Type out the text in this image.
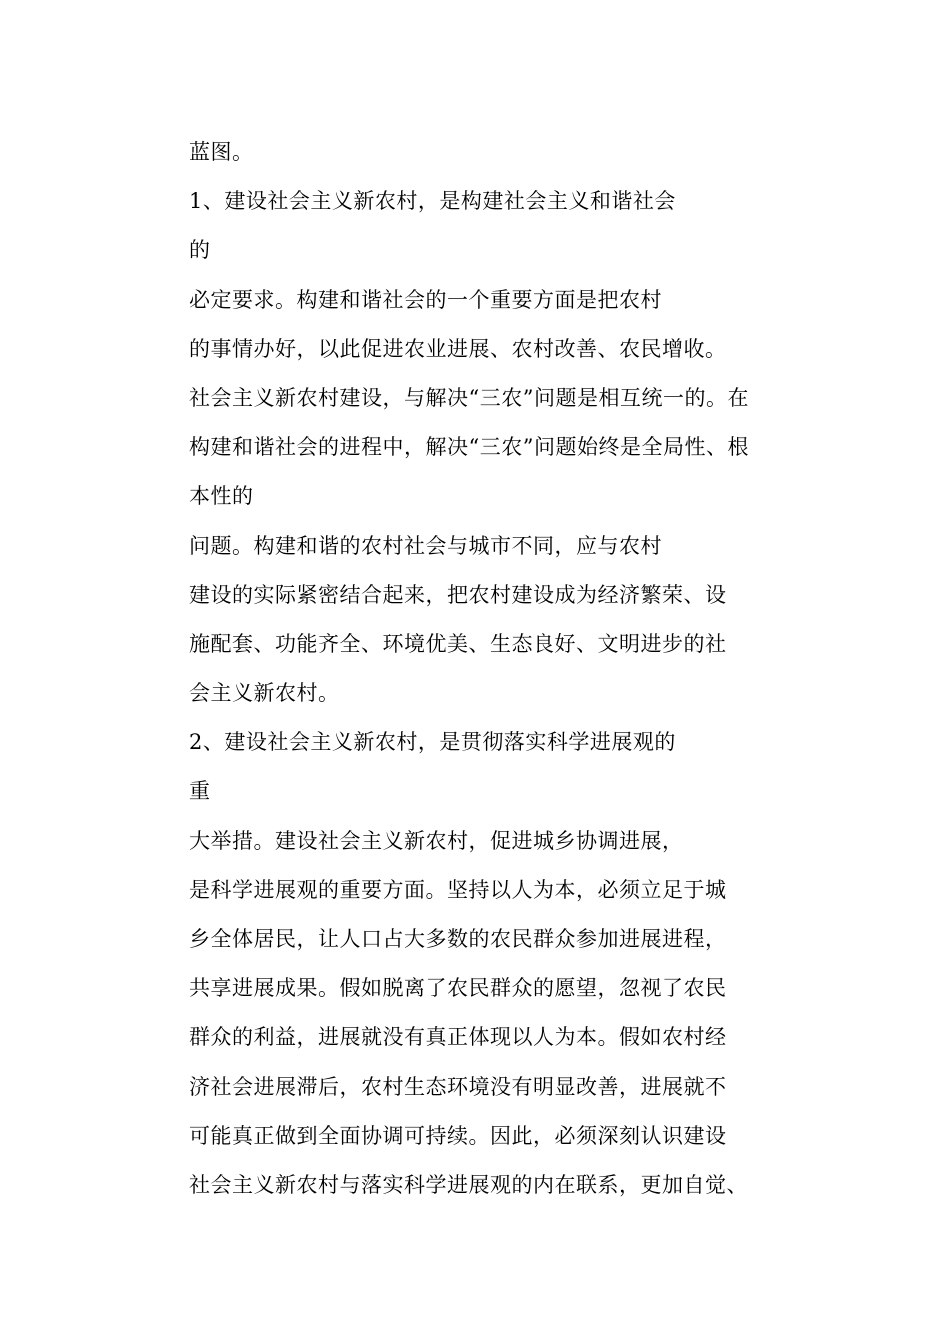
蓝图。
1、建设社会主义新农村，是构建社会主义和谐社会
的
必定要求。构建和谐社会的一个重要方面是把农村
的事情办好，以此促进农业进展、农村改善、农民增收。
社会主义新农村建设，与解决“三农”问题是相互统一的。在
构建和谐社会的进程中，解决“三农”问题始终是全局性、根
本性的
问题。构建和谐的农村社会与城市不同，应与农村
建设的实际紧密结合起来，把农村建设成为经济繁荣、设
施配套、功能齐全、环境优美、生态良好、文明进步的社
会主义新农村。
2、建设社会主义新农村，是贯彻落实科学进展观的
重
大举措。建设社会主义新农村，促进城乡协调进展，
是科学进展观的重要方面。坚持以人为本，必须立足于城
乡全体居民，让人口占大多数的农民群众参加进展进程，
共享进展成果。假如脱离了农民群众的愿望，忽视了农民
群众的利益，进展就没有真正体现以人为本。假如农村经
济社会进展滞后，农村生态环境没有明显改善，进展就不
可能真正做到全面协调可持续。因此，必须深刻认识建设
社会主义新农村与落实科学进展观的内在联系，更加自觉、
